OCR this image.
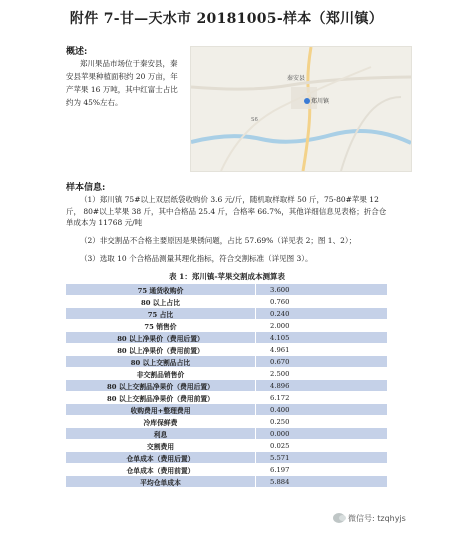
附件 7-甘—天水市 20181005-样本（郑川镇）
概述:
郑川果品市场位于秦安县，秦安县苹果种植面积约 20 万亩，年产苹果 16 万吨，其中红富士占比约为 45%左右。
秦安县
郑川镇
S6
样本信息:
（1）郑川镇 75#以上双层纸袋收购价 3.6 元/斤，随机取样取样 50 斤，75-80#苹果 12 斤， 80#以上苹果 38 斤，其中合格品 25.4 斤，合格率 66.7%，其他详细信息见表格；折合仓单成本为 11768 元/吨
（2）非交割品不合格主要原因是果锈问题，占比 57.69%（详见表 2；图 1、2）；
（3）选取 10 个合格品测量其理化指标，符合交割标准（详见图 3）。
表 1：郑川镇-苹果交割成本测算表
75 通货收购价	3.600
80 以上占比	0.760
75 占比	0.240
75 销售价	2.000
80 以上净果价（费用后置）	4.105
80 以上净果价（费用前置）	4.961
80 以上交割品占比	0.670
非交割品销售价	2.500
80 以上交割品净果价（费用后置）	4.896
80 以上交割品净果价（费用前置）	6.172
收购费用+整理费用	0.400
冷库保鲜费	0.250
利息	0.000
交割费用	0.025
仓单成本（费用后置）	5.571
仓单成本（费用前置）	6.197
平均仓单成本	5.884
微信号: tzqhyjs
